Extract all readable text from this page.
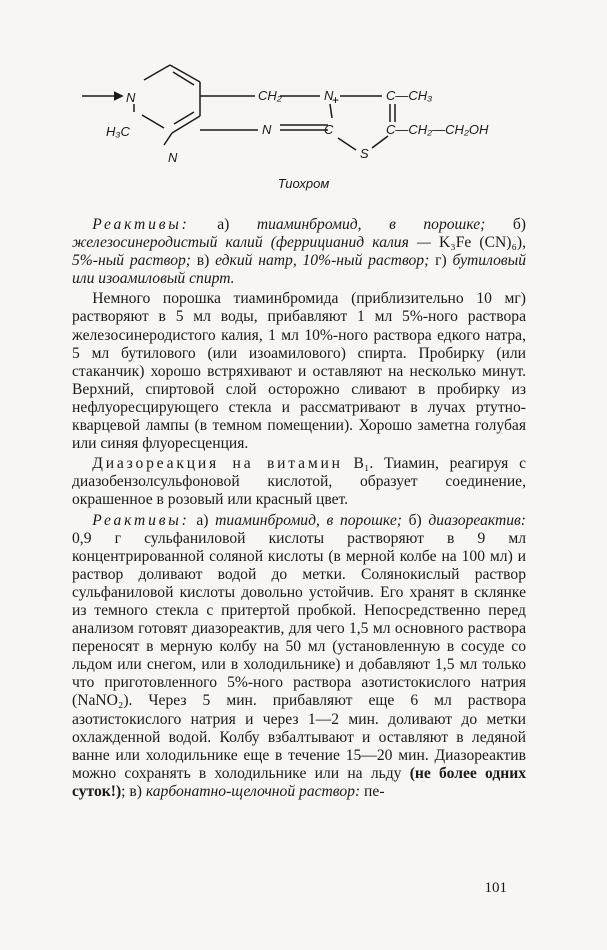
+
N
H₃C
N
CH₂	N	C—CH₃
N	C
S
C—CH₂—CH₂OH
Тиохром

Реактивы: а) тиаминбромид, в порошке; б) железосинеродистый калий (феррицианид калия — K₃Fe (CN)₆), 5%-ный раствор; в) едкий натр, 10%-ный раствор; г) бутиловый или изоамиловый спирт.

Немного порошка тиаминбромида (приблизительно 10 мг) растворяют в 5 мл воды, прибавляют 1 мл 5%-ного раствора железосинеродистого калия, 1 мл 10%-ного раствора едкого натра, 5 мл бутилового (или изоамилового) спирта. Пробирку (или стаканчик) хорошо встряхивают и оставляют на несколько минут. Верхний, спиртовой слой осторожно сливают в пробирку из нефлуоресцирующего стекла и рассматривают в лучах ртутно-кварцевой лампы (в темном помещении). Хорошо заметна голубая или синяя флуоресценция.

Диазореакция на витамин B₁. Тиамин, реагируя с диазобензолсульфоновой кислотой, образует соединение, окрашенное в розовый или красный цвет.

Реактивы: а) тиаминбромид, в порошке; б) диазореактив: 0,9 г сульфаниловой кислоты растворяют в 9 мл концентрированной соляной кислоты (в мерной колбе на 100 мл) и раствор доливают водой до метки. Солянокислый раствор сульфаниловой кислоты довольно устойчив. Его хранят в склянке из темного стекла с притертой пробкой. Непосредственно перед анализом готовят диазореактив, для чего 1,5 мл основного раствора переносят в мерную колбу на 50 мл (установленную в сосуде со льдом или снегом, или в холодильнике) и добавляют 1,5 мл только что приготовленного 5%-ного раствора азотистокислого натрия (NaNO₂). Через 5 мин. прибавляют еще 6 мл раствора азотистокислого натрия и через 1—2 мин. доливают до метки охлажденной водой. Колбу взбалтывают и оставляют в ледяной ванне или холодильнике еще в течение 15—20 мин. Диазореактив можно сохранять в холодильнике или на льду (не более одних суток!); в) карбонатно-щелочной раствор: пе-

101
